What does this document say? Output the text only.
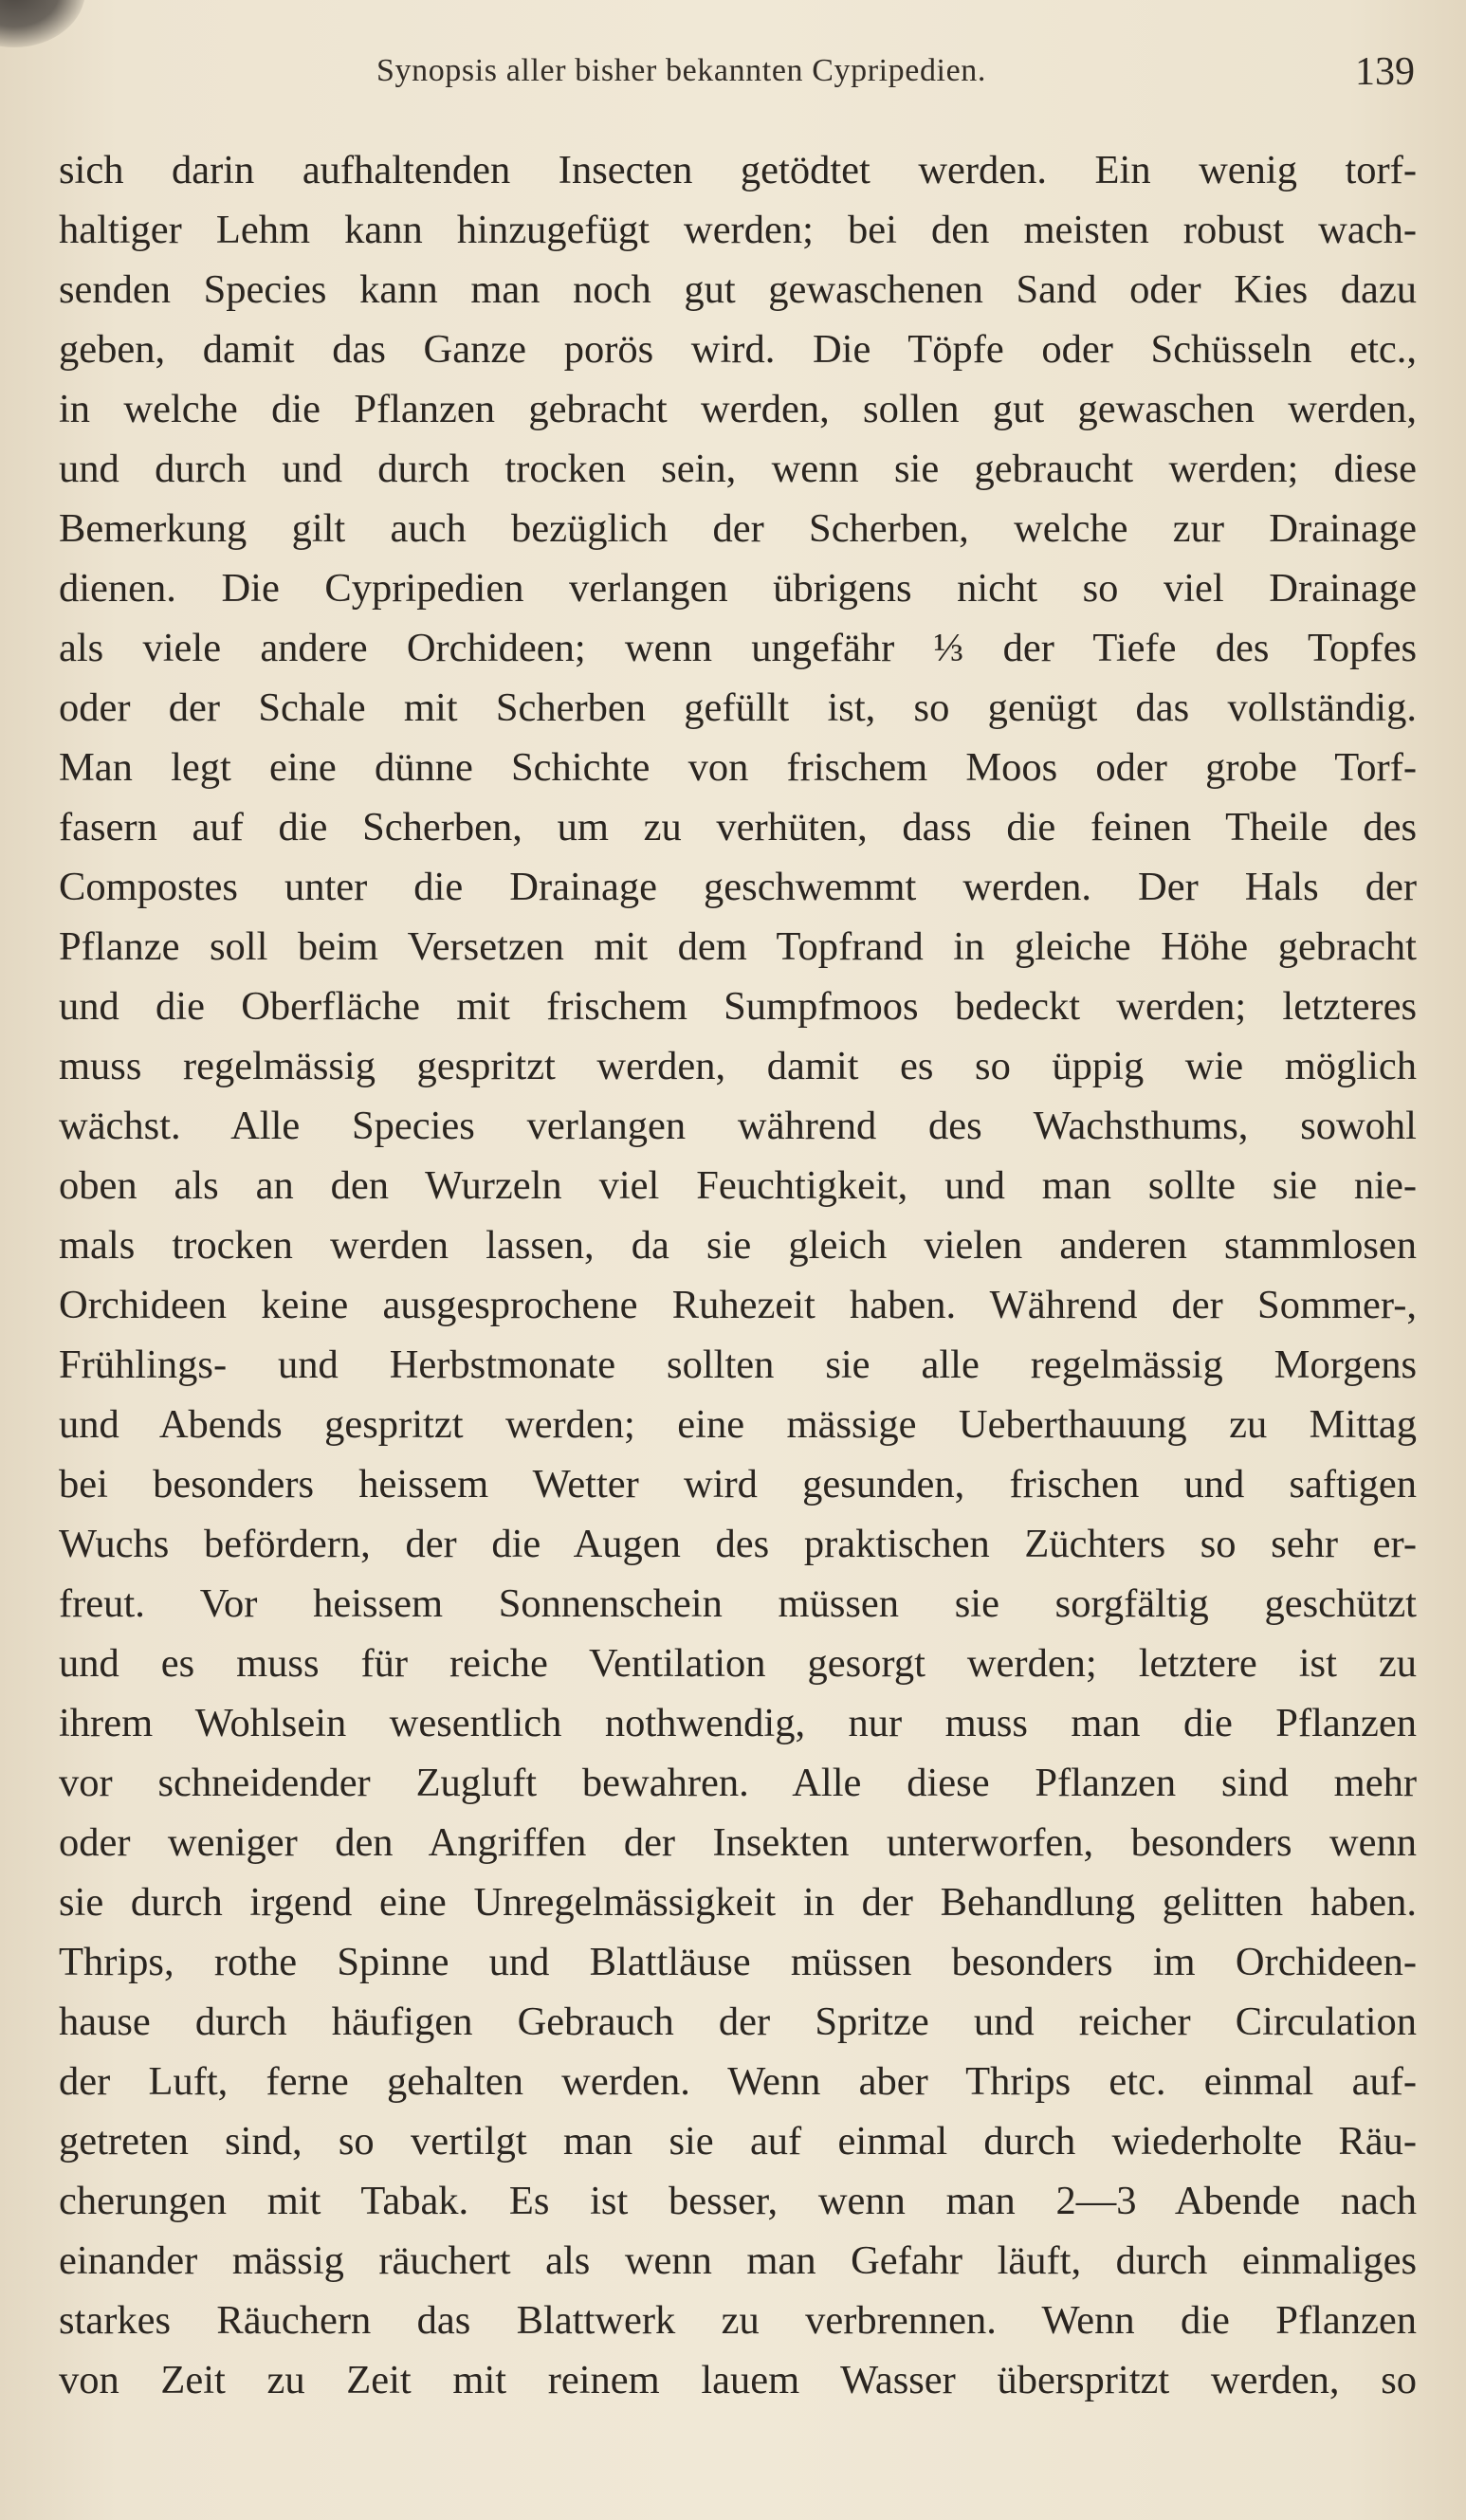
Synopsis aller bisher bekannten Cypripedien.	139
sich darin aufhaltenden Insecten getödtet werden. Ein wenig torf-
haltiger Lehm kann hinzugefügt werden; bei den meisten robust wach-
senden Species kann man noch gut gewaschenen Sand oder Kies dazu
geben, damit das Ganze porös wird. Die Töpfe oder Schüsseln etc.,
in welche die Pflanzen gebracht werden, sollen gut gewaschen werden,
und durch und durch trocken sein, wenn sie gebraucht werden; diese
Bemerkung gilt auch bezüglich der Scherben, welche zur Drainage
dienen. Die Cypripedien verlangen übrigens nicht so viel Drainage
als viele andere Orchideen; wenn ungefähr ⅓ der Tiefe des Topfes
oder der Schale mit Scherben gefüllt ist, so genügt das vollständig.
Man legt eine dünne Schichte von frischem Moos oder grobe Torf-
fasern auf die Scherben, um zu verhüten, dass die feinen Theile des
Compostes unter die Drainage geschwemmt werden. Der Hals der
Pflanze soll beim Versetzen mit dem Topfrand in gleiche Höhe gebracht
und die Oberfläche mit frischem Sumpfmoos bedeckt werden; letzteres
muss regelmässig gespritzt werden, damit es so üppig wie möglich
wächst. Alle Species verlangen während des Wachsthums, sowohl
oben als an den Wurzeln viel Feuchtigkeit, und man sollte sie nie-
mals trocken werden lassen, da sie gleich vielen anderen stammlosen
Orchideen keine ausgesprochene Ruhezeit haben. Während der Sommer-,
Frühlings- und Herbstmonate sollten sie alle regelmässig Morgens
und Abends gespritzt werden; eine mässige Ueberthauung zu Mittag
bei besonders heissem Wetter wird gesunden, frischen und saftigen
Wuchs befördern, der die Augen des praktischen Züchters so sehr er-
freut. Vor heissem Sonnenschein müssen sie sorgfältig geschützt
und es muss für reiche Ventilation gesorgt werden; letztere ist zu
ihrem Wohlsein wesentlich nothwendig, nur muss man die Pflanzen
vor schneidender Zugluft bewahren. Alle diese Pflanzen sind mehr
oder weniger den Angriffen der Insekten unterworfen, besonders wenn
sie durch irgend eine Unregelmässigkeit in der Behandlung gelitten haben.
Thrips, rothe Spinne und Blattläuse müssen besonders im Orchideen-
hause durch häufigen Gebrauch der Spritze und reicher Circulation
der Luft, ferne gehalten werden. Wenn aber Thrips etc. einmal auf-
getreten sind, so vertilgt man sie auf einmal durch wiederholte Räu-
cherungen mit Tabak. Es ist besser, wenn man 2—3 Abende nach
einander mässig räuchert als wenn man Gefahr läuft, durch einmaliges
starkes Räuchern das Blattwerk zu verbrennen. Wenn die Pflanzen
von Zeit zu Zeit mit reinem lauem Wasser überspritzt werden, so
